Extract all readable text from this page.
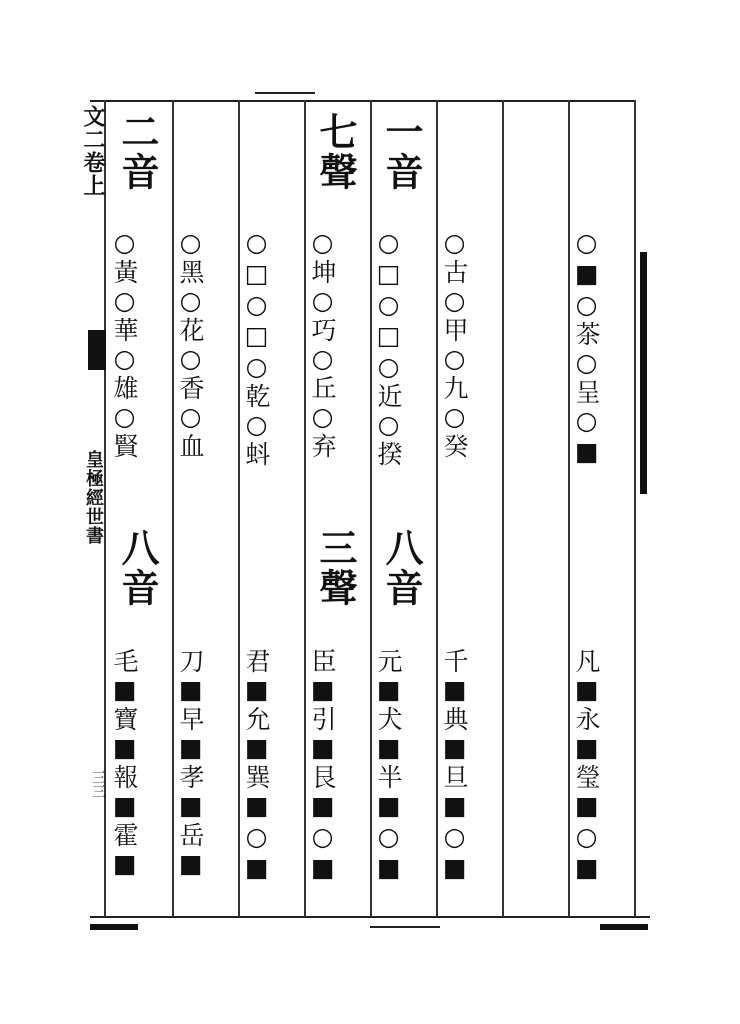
文二卷上
皇極經世書
三三
二音
○黃○華○雄○賢
八音
毛■寶■報■霍■
○黑○花○香○血
刀■早■孝■岳■
○□○□○乾○蚪
君■允■巽■○■
七聲
○坤○巧○丘○弃
三聲
臣■引■艮■○■
一音
○□○□○近○揆
八音
元■犬■半■○■
○古○甲○九○癸
千■典■旦■○■
○■○茶○呈○■
凡■永■瑩■○■
